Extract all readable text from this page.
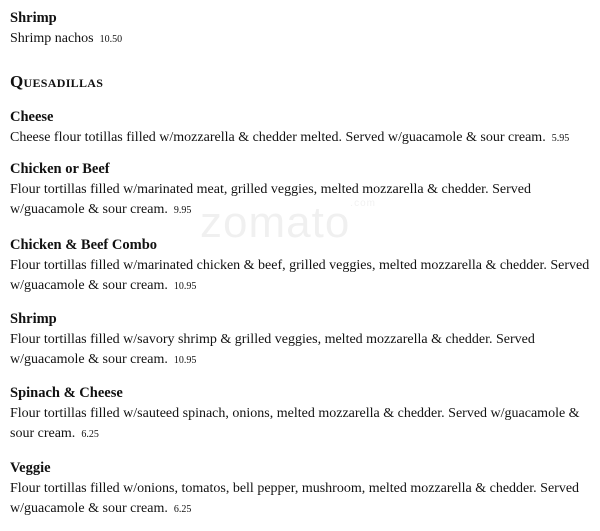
zomato$^{.com}$
Shrimp
Shrimp nachos 10.50
Quesadillas
Cheese
Cheese flour totillas filled w/mozzarella & chedder melted. Served w/guacamole & sour cream. 5.95
Chicken or Beef
Flour tortillas filled w/marinated meat, grilled veggies, melted mozzarella & chedder. Served
w/guacamole & sour cream. 9.95
Chicken & Beef Combo
Flour tortillas filled w/marinated chicken & beef, grilled veggies, melted mozzarella & chedder. Served
w/guacamole & sour cream. 10.95
Shrimp
Flour tortillas filled w/savory shrimp & grilled veggies, melted mozzarella & chedder. Served
w/guacamole & sour cream. 10.95
Spinach & Cheese
Flour tortillas filled w/sauteed spinach, onions, melted mozzarella & chedder. Served w/guacamole &
sour cream. 6.25
Veggie
Flour tortillas filled w/onions, tomatos, bell pepper, mushroom, melted mozzarella & chedder. Served
w/guacamole & sour cream. 6.25
